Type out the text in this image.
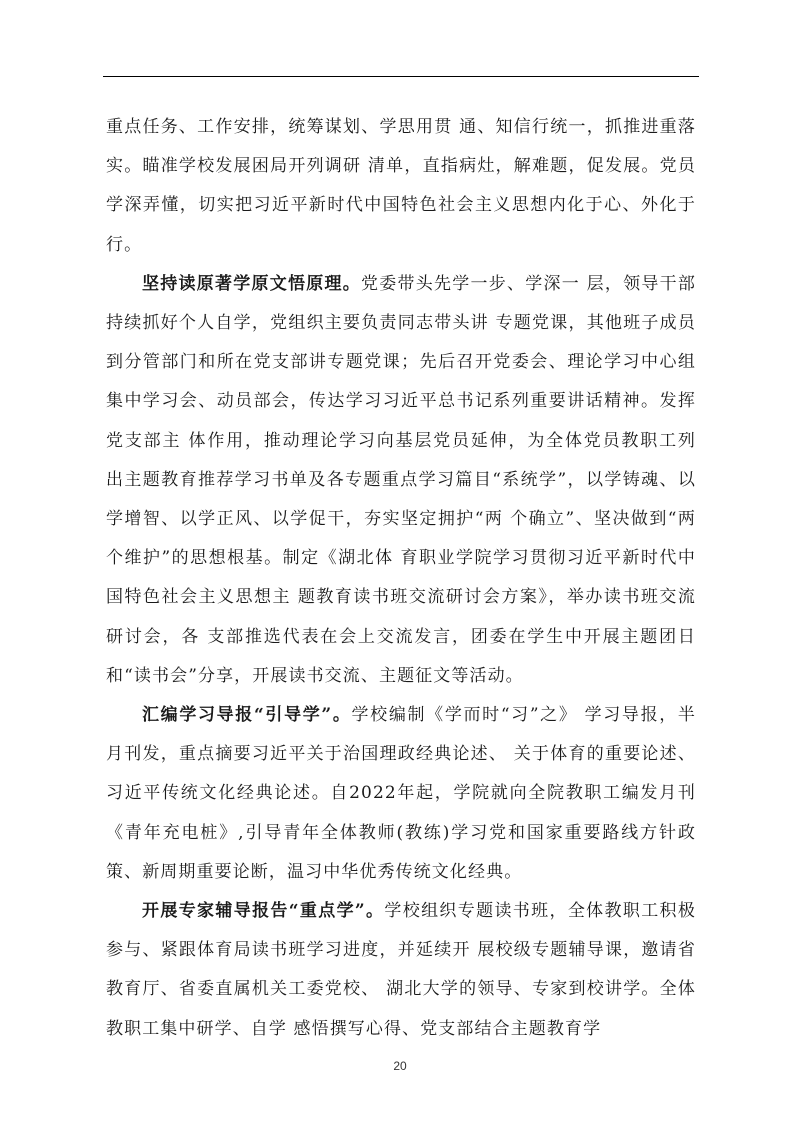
重点任务、工作安排，统筹谋划、学思用贯 通、知信行统一，抓推进重落实。瞄准学校发展困局开列调研 清单，直指病灶，解难题，促发展。党员学深弄懂，切实把习近平新时代中国特色社会主义思想内化于心、外化于行。

坚持读原著学原文悟原理。党委带头先学一步、学深一 层，领导干部持续抓好个人自学，党组织主要负责同志带头讲 专题党课，其他班子成员到分管部门和所在党支部讲专题党课；先后召开党委会、理论学习中心组集中学习会、动员部会，传达学习习近平总书记系列重要讲话精神。发挥党支部主 体作用，推动理论学习向基层党员延伸，为全体党员教职工列 出主题教育推荐学习书单及各专题重点学习篇目“系统学”，以学铸魂、以学增智、以学正风、以学促干，夯实坚定拥护“两 个确立”、坚决做到“两个维护”的思想根基。制定《湖北体 育职业学院学习贯彻习近平新时代中国特色社会主义思想主 题教育读书班交流研讨会方案》，举办读书班交流研讨会，各 支部推选代表在会上交流发言，团委在学生中开展主题团日和“读书会”分享，开展读书交流、主题征文等活动。

汇编学习导报“引导学”。学校编制《学而时“习”之》 学习导报，半月刊发，重点摘要习近平关于治国理政经典论述、 关于体育的重要论述、习近平传统文化经典论述。自2022年起，学院就向全院教职工编发月刊《青年充电桩》,引导青年全体教师(教练)学习党和国家重要路线方针政策、新周期重要论断，温习中华优秀传统文化经典。

开展专家辅导报告“重点学”。学校组织专题读书班，全体教职工积极参与、紧跟体育局读书班学习进度，并延续开 展校级专题辅导课，邀请省教育厅、省委直属机关工委党校、 湖北大学的领导、专家到校讲学。全体教职工集中研学、自学 感悟撰写心得、党支部结合主题教育学

20
